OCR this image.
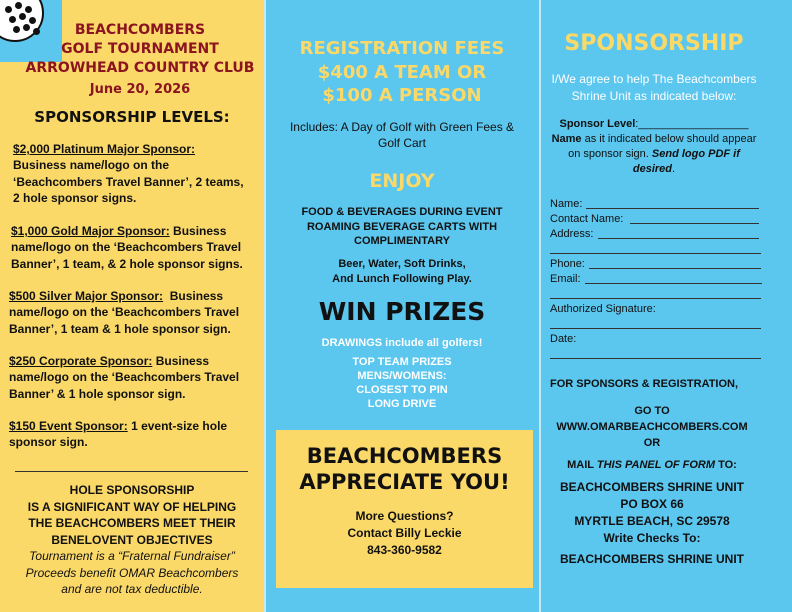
BEACHCOMBERS
GOLF TOURNAMENT
ARROWHEAD COUNTRY CLUB
June 20, 2026
SPONSORSHIP LEVELS:
$2,000 Platinum Major Sponsor:
Business name/logo on the
‘Beachcombers Travel Banner’, 2 teams,
2 hole sponsor signs.
$1,000 Gold Major Sponsor: Business
name/logo on the ‘Beachcombers Travel
Banner’, 1 team, & 2 hole sponsor signs.
$500 Silver Major Sponsor: Business
name/logo on the ‘Beachcombers Travel
Banner’, 1 team & 1 hole sponsor sign.
$250 Corporate Sponsor: Business
name/logo on the ‘Beachcombers Travel
Banner’ & 1 hole sponsor sign.
$150 Event Sponsor: 1 event-size hole
sponsor sign.
HOLE SPONSORSHIP
IS A SIGNIFICANT WAY OF HELPING
THE BEACHCOMBERS MEET THEIR
BENELOVENT OBJECTIVES
Tournament is a “Fraternal Fundraiser”
Proceeds benefit OMAR Beachcombers
and are not tax deductible.
REGISTRATION FEES
$400 A TEAM OR
$100 A PERSON
Includes: A Day of Golf with Green Fees &
Golf Cart
ENJOY
FOOD & BEVERAGES DURING EVENT
ROAMING BEVERAGE CARTS WITH
COMPLIMENTARY
Beer, Water, Soft Drinks,
And Lunch Following Play.
WIN PRIZES
DRAWINGS include all golfers!
TOP TEAM PRIZES
MENS/WOMENS:
CLOSEST TO PIN
LONG DRIVE
BEACHCOMBERS
APPRECIATE YOU!
More Questions?
Contact Billy Leckie
843-360-9582
SPONSORSHIP
I/We agree to help The Beachcombers
Shrine Unit as indicated below:
Sponsor Level:__________________
Name as it indicated below should appear
on sponsor sign. Send logo PDF if
desired.
Name:
Contact Name:
Address:
Phone:
Email:
Authorized Signature:
Date:
FOR SPONSORS & REGISTRATION,
GO TO
WWW.OMARBEACHCOMBERS.COM
OR
MAIL THIS PANEL OF FORM TO:
BEACHCOMBERS SHRINE UNIT
PO BOX 66
MYRTLE BEACH, SC 29578
Write Checks To:
BEACHCOMBERS SHRINE UNIT
